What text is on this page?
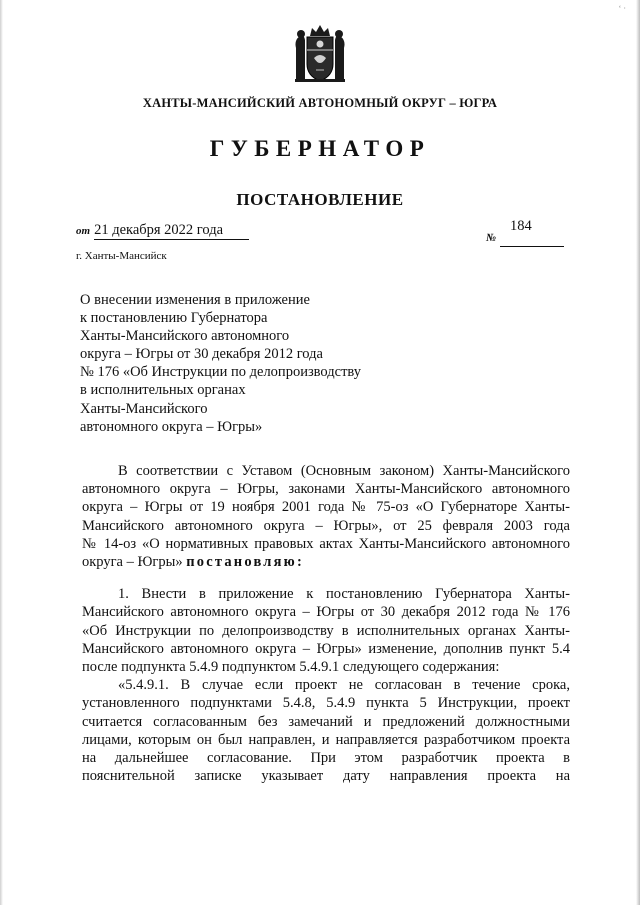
‘ ·
ХАНТЫ-МАНСИЙСКИЙ АВТОНОМНЫЙ ОКРУГ – ЮГРА
ГУБЕРНАТОР
ПОСТАНОВЛЕНИЕ
от 21 декабря 2022 года	№
184
г. Ханты-Мансийск
О внесении изменения в приложение
к постановлению Губернатора
Ханты-Мансийского автономного
округа – Югры от 30 декабря 2012 года
№ 176 «Об Инструкции по делопроизводству
в исполнительных органах
Ханты-Мансийского
автономного округа – Югры»
В соответствии с Уставом (Основным законом) Ханты-Мансийского
автономного округа – Югры, законами Ханты-Мансийского автономного
округа – Югры от 19 ноября 2001 года № 75-оз «О Губернаторе Ханты-
Мансийского автономного округа – Югры», от 25 февраля 2003 года
№ 14-оз «О нормативных правовых актах Ханты-Мансийского автономного
округа – Югры» постановляю:
1. Внести в приложение к постановлению Губернатора Ханты-
Мансийского автономного округа – Югры от 30 декабря 2012 года № 176
«Об Инструкции по делопроизводству в исполнительных органах Ханты-
Мансийского автономного округа – Югры» изменение, дополнив пункт 5.4
после подпункта 5.4.9 подпунктом 5.4.9.1 следующего содержания:
«5.4.9.1. В случае если проект не согласован в течение срока,
установленного подпунктами 5.4.8, 5.4.9 пункта 5 Инструкции, проект
считается согласованным без замечаний и предложений должностными
лицами, которым он был направлен, и направляется разработчиком проекта
на дальнейшее согласование. При этом разработчик проекта в
пояснительной записке указывает дату направления проекта на
